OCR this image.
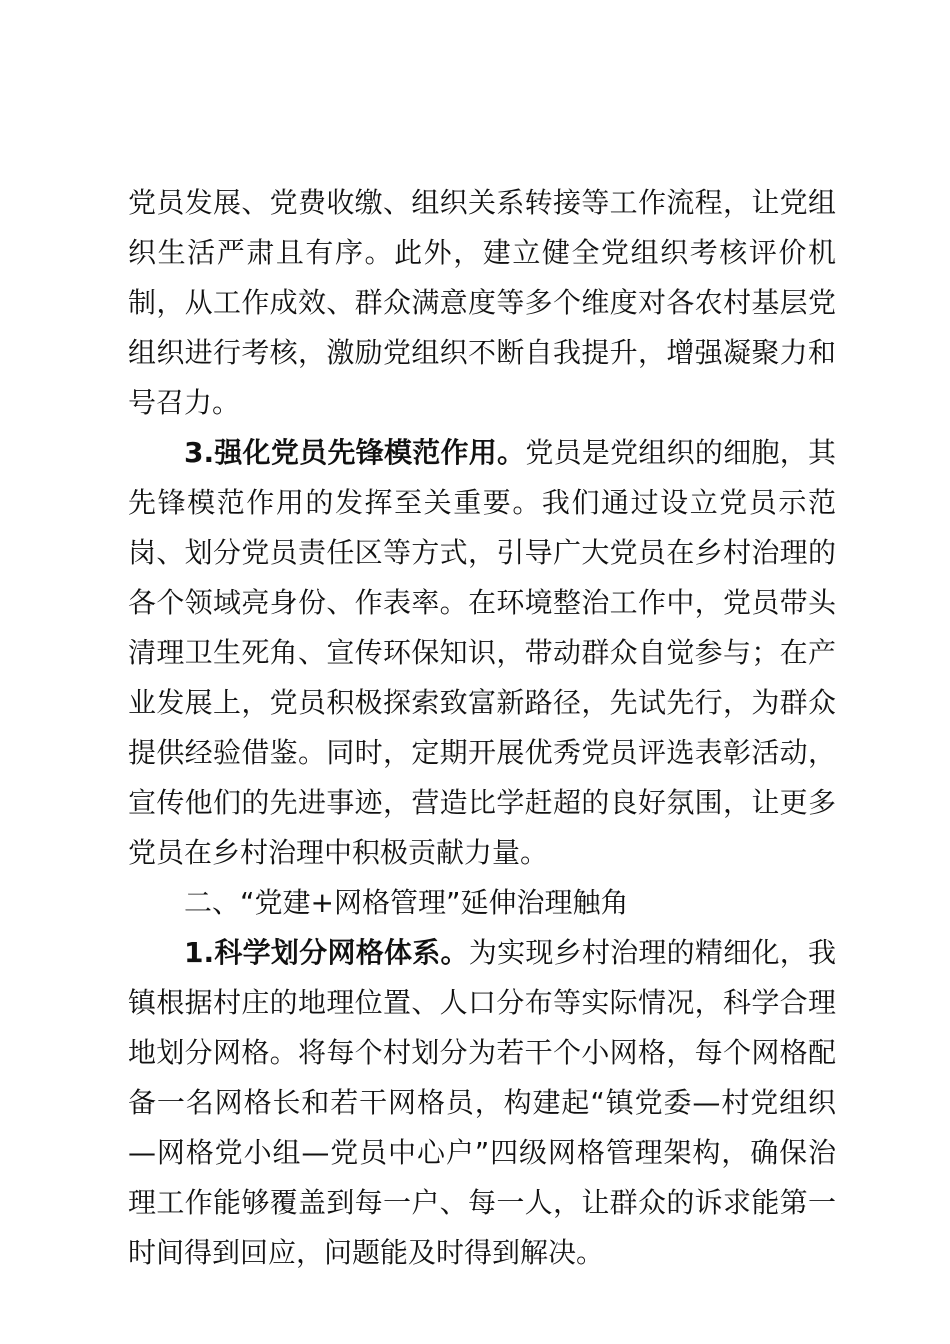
党员发展、党费收缴、组织关系转接等工作流程，让党组织生活严肃且有序。此外，建立健全党组织考核评价机制，从工作成效、群众满意度等多个维度对各农村基层党组织进行考核，激励党组织不断自我提升，增强凝聚力和号召力。

3.强化党员先锋模范作用。党员是党组织的细胞，其先锋模范作用的发挥至关重要。我们通过设立党员示范岗、划分党员责任区等方式，引导广大党员在乡村治理的各个领域亮身份、作表率。在环境整治工作中，党员带头清理卫生死角、宣传环保知识，带动群众自觉参与；在产业发展上，党员积极探索致富新路径，先试先行，为群众提供经验借鉴。同时，定期开展优秀党员评选表彰活动，宣传他们的先进事迹，营造比学赶超的良好氛围，让更多党员在乡村治理中积极贡献力量。

二、“党建+网格管理”延伸治理触角

1.科学划分网格体系。为实现乡村治理的精细化，我镇根据村庄的地理位置、人口分布等实际情况，科学合理地划分网格。将每个村划分为若干个小网格，每个网格配备一名网格长和若干网格员，构建起“镇党委—村党组织—网格党小组—党员中心户”四级网格管理架构，确保治理工作能够覆盖到每一户、每一人，让群众的诉求能第一时间得到回应，问题能及时得到解决。
